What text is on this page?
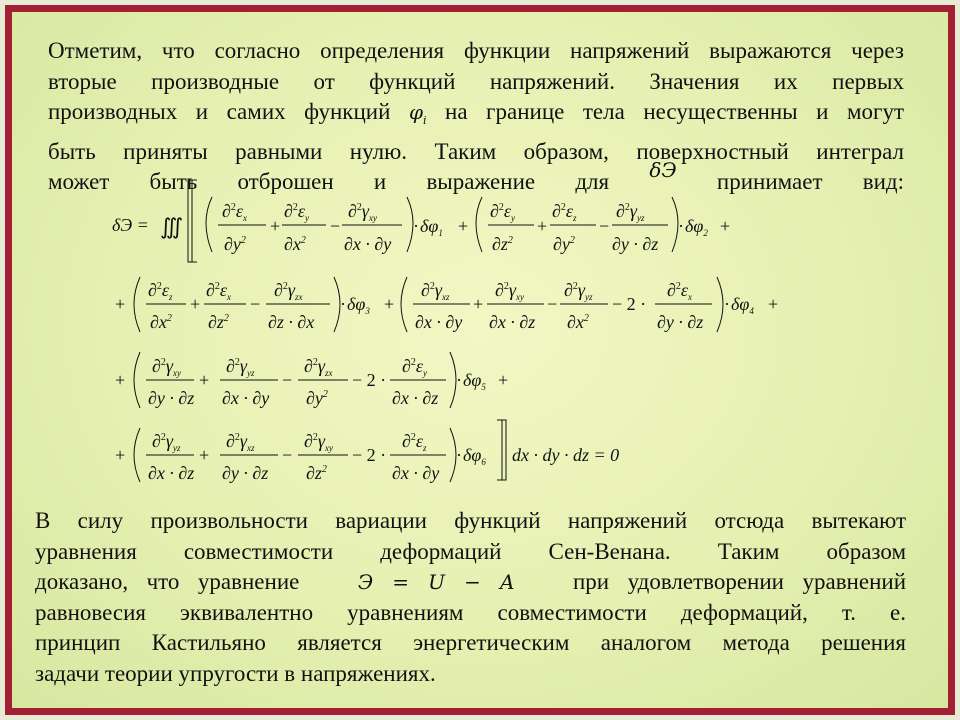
Отметим, что согласно определения функции напряжений выражаются через
вторые производные от функций напряжений. Значения их первых
производных и самих функций $\varphi_i$ на границе тела несущественны и могут
быть приняты равными нулю. Таким образом, поверхностный интеграл
может быть отброшен и выражение для δЭ принимает вид:
δЭ = ∭
$\partial^2\varepsilon_x$
$\partial y^2$
+
$\partial^2\varepsilon_y$
$\partial x^2$
−
$\partial^2\gamma_{xy}$
∂x · ∂y
· $\delta\varphi_1$ +
$\partial^2\varepsilon_y$
$\partial z^2$
+
$\partial^2\varepsilon_z$
$\partial y^2$
−
$\partial^2\gamma_{yz}$
∂y · ∂z
· $\delta\varphi_2$ +
+
$\partial^2\varepsilon_z$
$\partial x^2$
+
$\partial^2\varepsilon_x$
$\partial z^2$
−
$\partial^2\gamma_{zx}$
∂z · ∂x
· $\delta\varphi_3$ +
$\partial^2\gamma_{xz}$
∂x · ∂y
+
$\partial^2\gamma_{xy}$
∂x · ∂z
−
$\partial^2\gamma_{yz}$
$\partial x^2$
− 2 ·
$\partial^2\varepsilon_x$
∂y · ∂z
· $\delta\varphi_4$ +
+
$\partial^2\gamma_{xy}$
∂y · ∂z
+
$\partial^2\gamma_{yz}$
∂x · ∂y
−
$\partial^2\gamma_{zx}$
$\partial y^2$
− 2 ·
$\partial^2\varepsilon_y$
∂x · ∂z
· $\delta\varphi_5$ +
+
$\partial^2\gamma_{yz}$
∂x · ∂z
+
$\partial^2\gamma_{xz}$
∂y · ∂z
−
$\partial^2\gamma_{xy}$
$\partial z^2$
− 2 ·
$\partial^2\varepsilon_z$
∂x · ∂y
· $\delta\varphi_6$ dx · dy · dz = 0
В силу произвольности вариации функций напряжений отсюда вытекают
уравнения совместимости деформаций Сен-Венана. Таким образом
доказано, что уравнение	Э = U − A	при удовлетворении уравнений
равновесия эквивалентно уравнениям совместимости деформаций, т. е.
принцип Кастильяно является энергетическим аналогом метода решения
задачи теории упругости в напряжениях.
